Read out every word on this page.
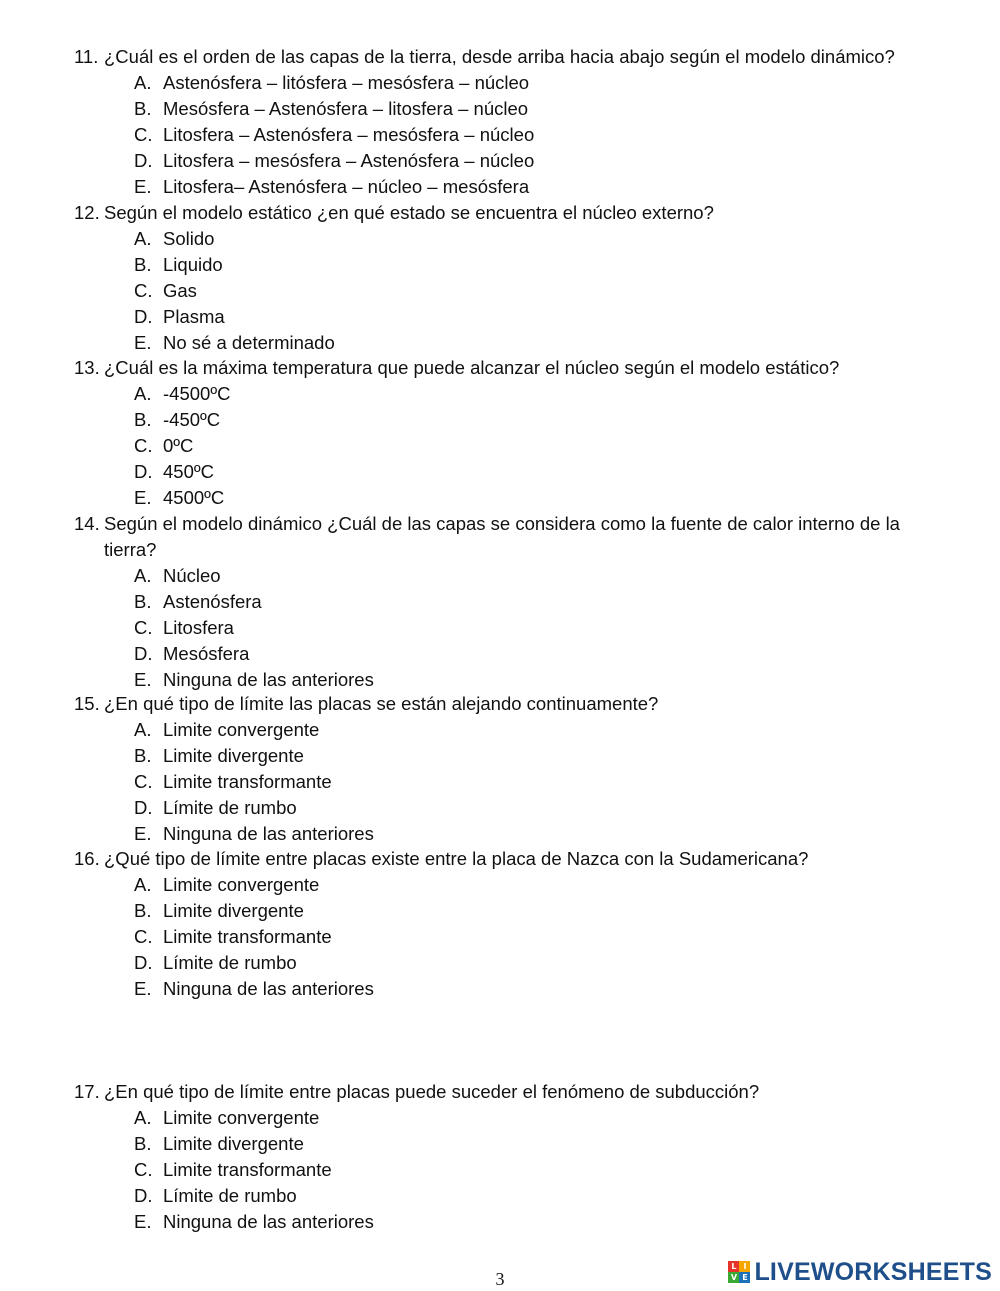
11. ¿Cuál es el orden de las capas de la tierra, desde arriba hacia abajo según el modelo dinámico?
A. Astenósfera – litósfera – mesósfera – núcleo
B. Mesósfera – Astenósfera – litosfera – núcleo
C. Litosfera – Astenósfera – mesósfera – núcleo
D. Litosfera – mesósfera – Astenósfera – núcleo
E. Litosfera– Astenósfera – núcleo – mesósfera
12. Según el modelo estático ¿en qué estado se encuentra el núcleo externo?
A. Solido
B. Liquido
C. Gas
D. Plasma
E. No sé a determinado
13. ¿Cuál es la máxima temperatura que puede alcanzar el núcleo según el modelo estático?
A. -4500ºC
B. -450ºC
C. 0ºC
D. 450ºC
E. 4500ºC
14. Según el modelo dinámico ¿Cuál de las capas se considera como la fuente de calor interno de la tierra?
A. Núcleo
B. Astenósfera
C. Litosfera
D. Mesósfera
E. Ninguna de las anteriores
15. ¿En qué tipo de límite las placas se están alejando continuamente?
A. Limite convergente
B. Limite divergente
C. Limite transformante
D. Límite de rumbo
E. Ninguna de las anteriores
16. ¿Qué tipo de límite entre placas existe entre la placa de Nazca con la Sudamericana?
A. Limite convergente
B. Limite divergente
C. Limite transformante
D. Límite de rumbo
E. Ninguna de las anteriores
17. ¿En qué tipo de límite entre placas puede suceder el fenómeno de subducción?
A. Limite convergente
B. Limite divergente
C. Limite transformante
D. Límite de rumbo
E. Ninguna de las anteriores
3
L I
V E LIVEWORKSHEETS
